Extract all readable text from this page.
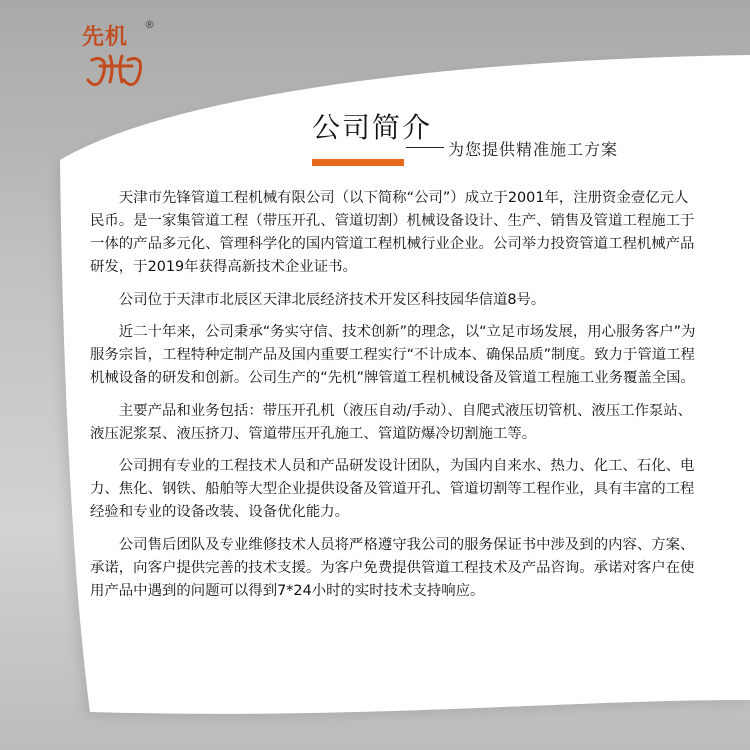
先机 ®
公司简介
为您提供精准施工方案

天津市先锋管道工程机械有限公司（以下简称“公司”）成立于2001年，注册资金壹亿元人民币。是一家集管道工程（带压开孔、管道切割）机械设备设计、生产、销售及管道工程施工于一体的产品多元化、管理科学化的国内管道工程机械行业企业。公司举力投资管道工程机械产品研发，于2019年获得高新技术企业证书。

公司位于天津市北辰区天津北辰经济技术开发区科技园华信道8号。

近二十年来，公司秉承“务实守信、技术创新”的理念，以“立足市场发展，用心服务客户”为服务宗旨，工程特种定制产品及国内重要工程实行“不计成本、确保品质”制度。致力于管道工程机械设备的研发和创新。公司生产的“先机”牌管道工程机械设备及管道工程施工业务覆盖全国。

主要产品和业务包括：带压开孔机（液压自动/手动）、自爬式液压切管机、液压工作泵站、液压泥浆泵、液压挤刀、管道带压开孔施工、管道防爆冷切割施工等。

公司拥有专业的工程技术人员和产品研发设计团队，为国内自来水、热力、化工、石化、电力、焦化、钢铁、船舶等大型企业提供设备及管道开孔、管道切割等工程作业，具有丰富的工程经验和专业的设备改装、设备优化能力。

公司售后团队及专业维修技术人员将严格遵守我公司的服务保证书中涉及到的内容、方案、承诺，向客户提供完善的技术支援。为客户免费提供管道工程技术及产品咨询。承诺对客户在使用产品中遇到的问题可以得到7*24小时的实时技术支持响应。
